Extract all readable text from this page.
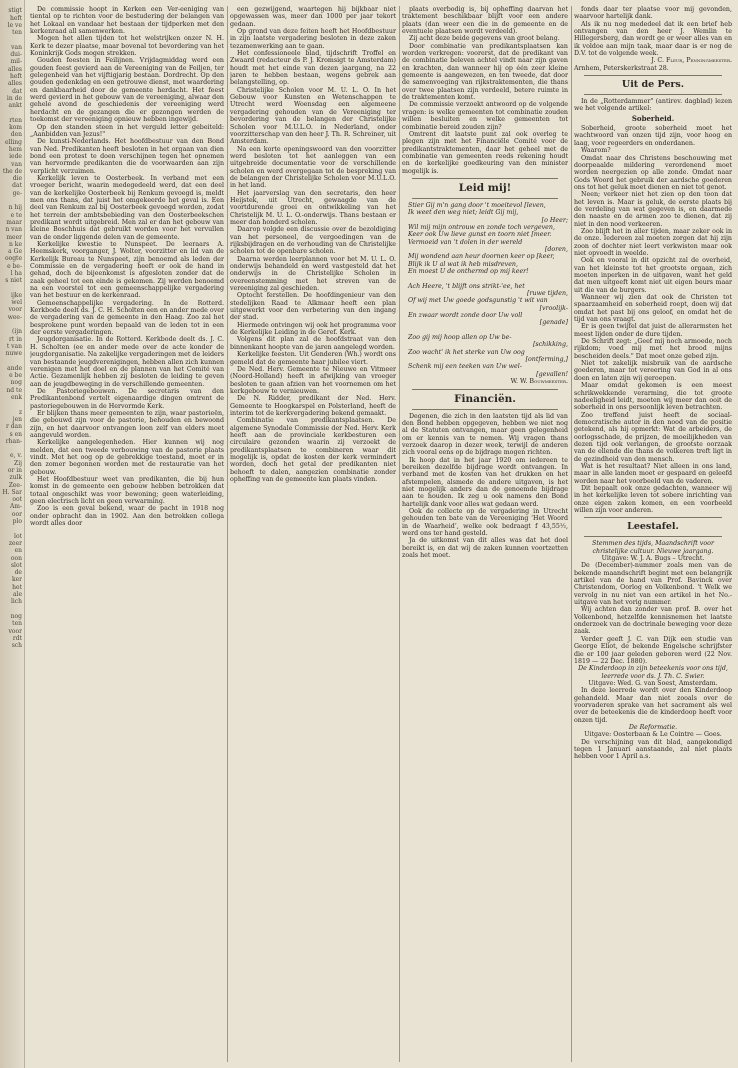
stigt
heft
le ve
ten

van
dui-
mil-
alles
heft
alles
dat
in de
ankt

rten
kom
den
elling
hem
iede
van
the de
die
dat
ge-

n hij
e te
maar
n van
meer
n ke
a Ge
oogte
e be-
l ha
s niet

ijke
wel
voor
wee-

(ijn
rt in
t van
nuwe

ande
e be
nog
nd te
enk

z
jen
r dan
s en
rhan-

e, v.
Zij
or in
zulk
Zee-
H. Sar
oot
Am-
oor
plo

lot
zeer
en
oon
slot
de
ker
het
ale
lich

nog
ten
voor
rdt
sch

De commissie hoopt in Kerken een Ver-eeniging van tiental op te richten voor de bestudering der belangen van het Lokaal en vandaar het bestaan der tijdperken met den kerkenraad all samenwerken.

Mogen het allen tijden tot het welstrijken onzer N. H. Kerk te dezer plaatse, maar bovenal tot bevordering van het Koninkrijk Gods mogen strekken.

Gouden feesten in Feilijnen. Vrijdagmiddag werd een gouden feest gevierd aan de Vereeniging van de Feiljen, ter gelegenheid van het vijftigjarig bestaan. Dordrecht. Op den gouden gedenkdag en een getrouwe dienst, met waardering en dankbaarheid door de gemeente herdacht. Het feest werd gevierd in het gebouw van de vereeniging, alwaar den gehele avond de geschiedenis der vereeniging werd herdacht en de gezangen die er gezongen werden de toekomst der vereeniging opnieuw hebben ingewijd.

Op den standen steen in het verguld letter gebeiteld: „Aanbidden van Jezus!"

De kunsti-Nederlands. Het hoofdbestuur van den Bond van Ned. Predikanten heeft besloten in het orgaan van dien bond een protest te doen verschijnen tegen het opnemen van hervormde predikanten die de voorwaarden aan zijn verplicht verzuimen.

Kerkelijk leven te Oosterbeek. In verband met een vroeger bericht, waarin medegedeeld werd, dat een deel van de kerkelijke Oosterbeek bij Renkum gevoegd is, meldt men ons thans, dat juist het omgekeerde het geval is. Een deel van Renkum zal bij Oosterbeek gevoegd worden, zodat het terrein der ambtsbebieding van den Oosterbeekschen predikant wordt uitgebreid. Men zal er dan het gebouw van kleine Boschhuis dat gebruikt worden voor het vervullen van de onder liggende delen van de gemeente.

Kerkelijke kwestie te Nunspeet. De leeraars A. Heemskerk, voorganger, J. Wolter, voorzitter en lid van de Kerkelijk Bureau te Nunspeet, zijn benoemd als leden der Commissie en de vergadering heeft er ook de hand in gehad, doch de bijeenkomst is afgesloten zonder dat de zaak geheel tot een einde is gekomen. Zij werden benoemd na een voorstel tot een gemeenschappelijke vergadering van het bestuur en de kerkenraad.

Gemeenschappelijke vergadering. In de Rotterd. Kerkbode deelt ds. J. C. H. Scholten een en ander mede over de vergadering van de gemeente in den Haag. Zoo zal het besprokene punt worden bepaald van de leden tot in een der eerste vergaderingen.

Jeugdorganisatie. In de Rotterd. Kerkbode deelt ds. J. C. H. Scholten (ee en ander mede over de acte konder de jeugdorganisatie. Na zakelijke vergaderingen met de leiders van bestaande jeugdverenigingen, hebben allen zich kunnen verenigen met het doel en de plannen van het Comité van Actie. Gezamenlijk hebben zij besloten de leiding te geven aan de jeugdbeweging in de verschillende gemeenten.

De Pastoriegebouwen. De secretaris van den Predikantenbond vertelt eigenaardige dingen omtrent de pastoriegebouwen in de Hervormde Kerk.

Er blijken thans meer gemeenten te zijn, waar pastorieën, die gebouwd zijn voor de pastorie, behouden en bewoond zijn, en het daarvoor ontvangen loon zelf van elders moet aangevuld worden.

Kerkelijke aangelegenheden. Hier kunnen wij nog melden, dat een tweede verbouwing van de pastorie plaats vindt. Met het oog op de gebrekkige toestand, moet er in den zomer begonnen worden met de restauratie van het gebouw.

Het Hoofdbestuur weet van predikanten, die bij hun komst in de gemeente een gebouw hebben betrokken dat totaal ongeschikt was voor bewoning; geen waterleiding, geen electrisch licht en geen verwarming.

Zoo is een geval bekend, waar de pacht in 1918 nog onder opbracht dan in 1902. Aan den betrokken collega wordt alles door

een gezwijgend, waartegen hij bijkbaar niet opgewassen was, meer dan 1000 per jaar tekort gedaan.

Op grond van deze feiten heeft het Hoofdbestuur in zijn laatste vergadering besloten in deze zaken tezamenwerking aan te gaan.

Het confessioneele blad, tijdschrift Troffel en Zwaard (redacteur ds P. J. Kromsigt te Amsterdam) houdt met het einde van dezen jaargang, na 22 jaren te hebben bestaan, wegens gebrek aan belangstelling, op.

Christelijke Scholen voor M. U. L. O. In het Gebouw voor Kunsten en Wetenschappen te Utrecht werd Woensdag een algemeene vergadering gehouden van de Vereeniging ter bevordering van de belangen der Christelijke Scholen voor M.U.L.O. in Nederland, onder voorzitterschap van den heer J. Th. R. Schreiner, uit Amsterdam.

Na een korte openingswoord van den voorzitter werd besloten tot het aanleggen van een uitgebreide documentatie voor de verschillende scholen en werd overgegaan tot de bespreking van de belangen der Christelijke Scholen voor M.U.L.O. in het land.

Het jaarverslag van den secretaris, den heer Heijstek, uit Utrecht, gewaagde van de voortdurende groei en ontwikkeling van het Christelijk M. U. L. O.-onderwijs. Thans bestaan er meer dan honderd scholen.

Daarop volgde een discussie over de bezoldiging van het personeel, de vergoedingen van de rijksbijdragen en de verhouding van de Christelijke scholen tot de openbare scholen.

Daarna werden leerplannen voor het M. U. L. O. onderwijs behandeld en werd vastgesteld dat het onderwijs in de Christelijke Scholen in overeenstemming met het streven van de vereeniging zal geschieden.

Optocht ferstellen. De hoofdingenieur van den stedelijken Raad te Alkmaar heeft een plan uitgewerkt voor den verbetering van den ingang der stad.

Hiermede ontvingen wij ook het programma voor de Kerkelijke Leiding in de Geref. Kerk.

Volgens dit plan zal de hoofdstraat van den binnenkant hoopte van de jaren aangelegd worden.

Kerkelijke feesten. Uit Genderen (Wh.) wordt ons gemeld dat de gemeente haar jubilee viert.

De Ned. Herv. Gemeente te Nieuwe en Vitmeer (Noord-Holland) heeft in afwijking van vroeger besloten te gaan afzien van het voornemen om het kerkgebouw te vernieuwen.

De N. Ridder, predikant der Ned. Herv. Gemeente te Hoogkarspel en Polsterland, heeft de interim tot de kerkvergadering bekend gemaakt.

Combinatie van predikantsplaatsen. De algemene Synodale Commissie der Ned. Herv. Kerk heeft aan de provinciale kerkbesturen een circulaire gezonden waarin zij verzoekt de predikantsplaatsen te combineren waar dit mogelijk is, opdat de kosten der kerk vermindert worden, doch het getal der predikanten niet behoeft te dalen, aangezien combinatie zonder opheffing van de gemeente kan plaats vinden.

plaats overbodig is, bij opheffing daarvan het traktement beschikbaar blijft voor een andere plaats (dan weer een die in de gemeente en de eventuele plaatsen wordt verdeeld).

Zij acht deze beide gegevens van groot belang.

Door combinatie van predikantsplaatsen kan worden verkregen: voorerst, dat de predikant van de combinatie beleven achtel vindt naar zijn gaven en krachten, dan wanneer hij op één zeer kleine gemeente is aangewezen, en ten tweede, dat door de samenvoeging van rijkstraktementen, die thans over twee plaatsen zijn verdeeld, betere ruimte in de traktementen komt.

De commissie verzoekt antwoord op de volgende vragen: is welke gemeenten tot combinatie zouden willen besluiten en welke gemeenten tot combinatie bereid zouden zijn?

Omtrent dit laatste punt zal ook overleg te plegen zijn met het Financiële Comité voor de predikantstraktementen, daar het geheel met de combinatie van gemeenten reeds rekening houdt en de kerkelijke goedkeuring van den minister mogelijk is.

Leid mij!

Stier Gij m'n gang door 't moeitevol [leven,

Ik weet den weg niet; leidt Gij mij,

[o Heer;

Wil mij mijn ontrouw en zonde toch vergeven,

Keer ook Uw lieve gunst en toorn niet [meer.

Vermoeid van 't dolen in der wereld

[doren,

Mij wondend aan heur doornen keer op [keer,

Blijk ik U al wat ik heb misdreven,

En moest U de onthermd op mij keer!

Ach Heere, 't blijft ons strikt-'ee, het

[ruwe tijden,

Of wij met Uw goede godsgunstig 't wit van

[vroolijk-

En zwaar wordt zonde door Uw voll

[genade]

Zoo gij mij hoop allen op Uw be-

[schikking,

Zoo wacht' ik het sterke van Uw oog

[ontferming,]

Schenk mij een teeken van Uw wel-

[gevallen!

W. W. Bouwmeester.

Financiën.

Degenen, die zich in den laatsten tijd als lid van den Bond hebben opgegeven, hebben we niet nog al de Statuten ontvangen, maar geen gelegenheid om er kennis van te nemen. Wij vragen thans verzoek daarop in dezer week, terwijl de anderen zich vooral eens op de bijdrage mogen richten.

Ik hoop dat in het jaar 1920 om iedereen te bereiken dezelfde bijdrage wordt ontvangen. In verband met de kosten van het drukken en het afstempelen, alsmede de andere uitgaven, is het niet mogelijk anders dan de genoemde bijdrage aan te houden. Ik zeg u ook namens den Bond hartelijk dank voor alles wat gedaan werd.

Ook de collecte op de vergadering in Utrecht gehouden ten bate van de Vereeniging ‘Het Woord in de Waarheid’, welke ook bedraagt f 43,55½, werd ons ter hand gesteld.

Ja de uitkomst van dit alles was dat het doel bereikt is, en dat wij de zaken kunnen voortzetten zoals het moet.

fonds daar ter plaatse voor mij gevonden, waarvoor hartelijk dank.

Als ik nu nog mededeel dat ik een brief heb ontvangen van den heer J. Wemlin te Hillegersberg, dan wordt ge er weer alles van en ik voldoe aan mijn taak, maar daar is er nog de D.V. tot de volgende week.

J. C. Fleur, Penningmeester.

Arnhem, Peterskerkstraat 28.

Uit de Pers.

In de „Rotterdammer" (antirev. dagblad) lezen we het volgende artikel:

Soberheid.

Soberheid, groote soberheid moet het wachtwoord van onzen tijd zijn, voor hoog en laag, voor regeerders en onderdanen.

Waarom?

Omdat naar des Christens beschouwing met doorpeaalde mildering verordenend moet worden neergezien op alle zonde. Omdat naar Gods Woord het gebruik der aardsche goederen ons tot het geluk moet dienen en niet tot genot.

Neen; verkeer niet het zien op den toon dat het leven is. Maar is geluk, de eerste plaats bij de verdeling van wat gegeven is, en daarmede den naaste en de armen zoo te dienen, dat zij niet in den nood verkeeren.

Zoo blijft het in aller tijden, maar zeker ook in de onze. Iedereen zal moeten zorgen dat hij zijn zoon of dochter niet leert verkwisten maar ook niet opvoedt in weelde.

Ook en vooral in dit opzicht zal de overheid, van het kleinste tot het grootste orgaan, zich moeten inperken in de uitgaven, want het geld dat men uitgeeft komt niet uit eigen beurs maar uit die van de burgers.

Wanneer wij zien dat ook de Christen tot spaarzaamheid en soberheid roept, doen wij dat omdat het past bij ons geloof, en omdat het de tijd van ons vraagt.

Er is geen twijfel dat juist de allerarmsten het meest lijden onder de dure tijden.

De Schrift zegt: „Geef mij noch armoede, noch rijkdom; voed mij met het brood mijns bescheiden deels." Dat moet onze gebed zijn.

Niet tot zakelijk misbruik van de aardsche goederen, maar tot vereering van God in al ons doen en laten zijn wij geroepen.

Maar omdat gekomen is een meest schrikwekkende verarming, die tot groote nadeeligheid leidt, moeten wij meer dan ooit de soberheid in ons persoonlijk leven betrachten.

Zoo treffend juist heeft de sociaal-democratische autor in den nood van de positie getekend, als hij opmerkt: Wat de arbeiders, de oorlogsschade, de prijzen, de moeilijkheden van dezen tijd ook verlangen, de grootste oorzaak van de ellende die thans de volkeren treft ligt in de gezindheid van den mensch.

Wat is het resultaat? Niet alleen in ons land, maar in alle landen moet er gespaard en geleefd worden naar het voorbeeld van de vaderen.

Dit bepaalt ook onze gedachten, wanneer wij in het kerkelijke leven tot sobere inrichting van onze eigen zaken komen, en een voorbeeld willen zijn voor anderen.

Leestafel.

Stemmen des tijds, Maandschrift voor christelijke cultuur. Nieuwe jaargang.

Uitgave: W. J. A. Bugs – Utrecht.

De (December)-nummer zoals men van de bekende maandschrift begint met een belangrijk artikel van de hand van Prof. Bavinck over Christendom, Oorlog en Volkenbond. 't Welk we vervolg in nu niet van een artikel in het No.-uitgave van het vorig nummer.

Wij achten dan zonder van prof. B. over het Volkenbond, hetzelfde kennisnemen het laatste onderzoek van de doctrinale beweging voor deze zaak.

Verder geeft J. C. van Dijk een studie van George Eliot, de bekende Engelsche schrijfster die er 100 jaar geleden geboren werd (22 Nov. 1819 — 22 Dec. 1880).

De Kinderdoop in zijn beteekenis voor ons tijd, leerrede voor ds. J. Th. C. Swier.

Uitgave: Wed. G. van Soest, Amsterdam.

In deze leerrede wordt over den Kinderdoop gehandeld. Maar dan niet zooals over de voorvaderen sprake van het sacrament als wel over de beteekenis die de kinderdoop heeft voor onzen tijd.

De Reformatie.

Uitgave: Oosterbaan & Le Cointre — Goes.

De verschijning van dit blad, aangekondigd tegen 1 Januari aanstaande, zal niet plaats hebben voor 1 April a.s.
